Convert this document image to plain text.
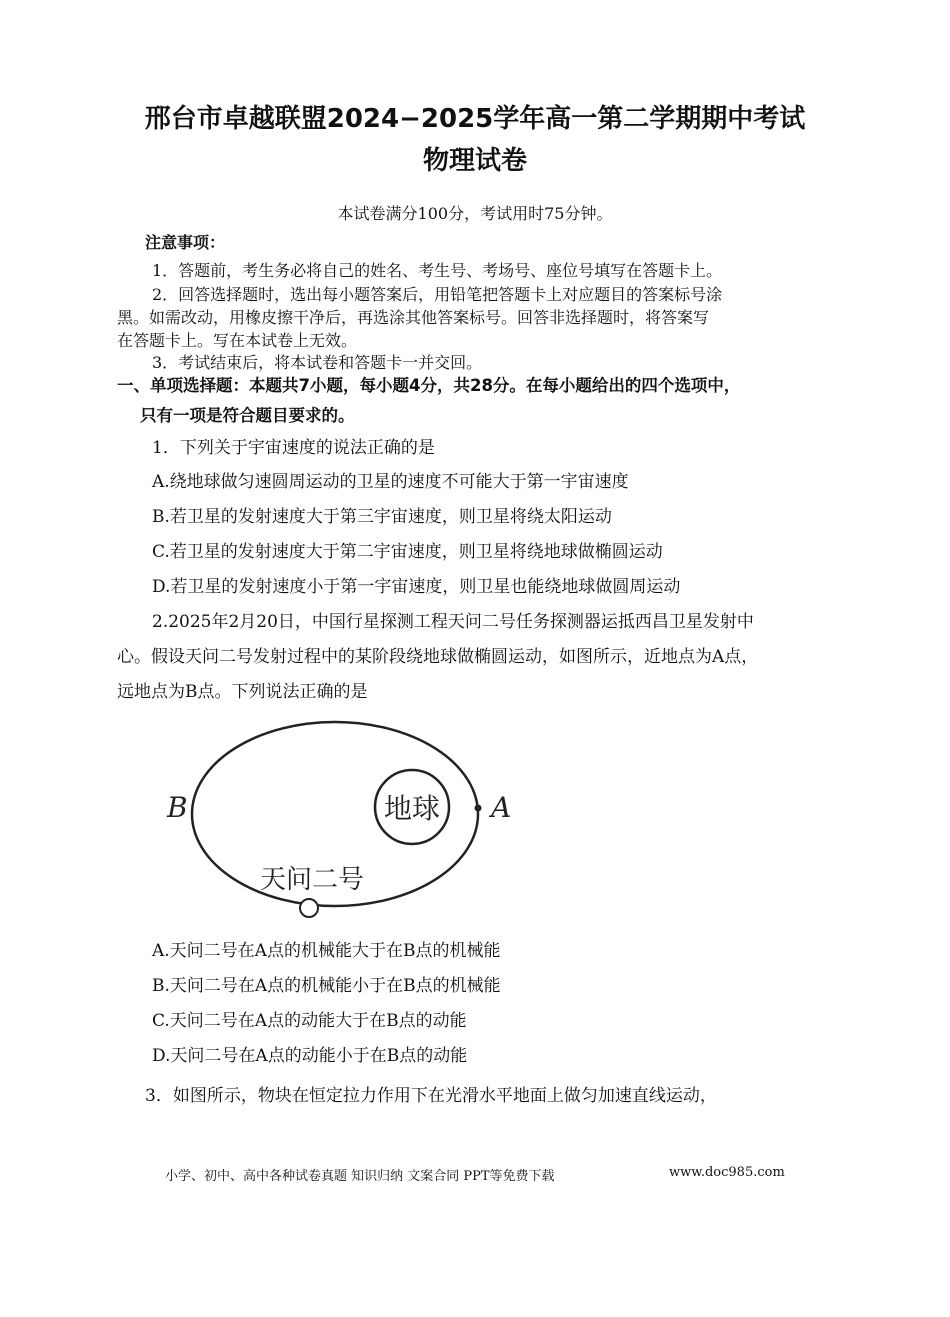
邢台市卓越联盟2024−2025学年高一第二学期期中考试
物理试卷
本试卷满分100分，考试用时75分钟。
注意事项：
1．答题前，考生务必将自己的姓名、考生号、考场号、座位号填写在答题卡上。
2．回答选择题时，选出每小题答案后，用铅笔把答题卡上对应题目的答案标号涂
黑。如需改动，用橡皮擦干净后，再选涂其他答案标号。回答非选择题时，将答案写
在答题卡上。写在本试卷上无效。
3．考试结束后，将本试卷和答题卡一并交回。
一、单项选择题：本题共7小题，每小题4分，共28分。在每小题给出的四个选项中，
只有一项是符合题目要求的。
1．下列关于宇宙速度的说法正确的是
A.绕地球做匀速圆周运动的卫星的速度不可能大于第一宇宙速度
B.若卫星的发射速度大于第三宇宙速度，则卫星将绕太阳运动
C.若卫星的发射速度大于第二宇宙速度，则卫星将绕地球做椭圆运动
D.若卫星的发射速度小于第一宇宙速度，则卫星也能绕地球做圆周运动
2.2025年2月20日，中国行星探测工程天问二号任务探测器运抵西昌卫星发射中
心。假设天问二号发射过程中的某阶段绕地球做椭圆运动，如图所示，近地点为A点，
远地点为B点。下列说法正确的是
地球 A
B
天问二号
A.天问二号在A点的机械能大于在B点的机械能
B.天问二号在A点的机械能小于在B点的机械能
C.天问二号在A点的动能大于在B点的动能
D.天问二号在A点的动能小于在B点的动能
3．如图所示，物块在恒定拉力作用下在光滑水平地面上做匀加速直线运动，
小学、初中、高中各种试卷真题 知识归纳 文案合同 PPT等免费下载	www.doc985.com
